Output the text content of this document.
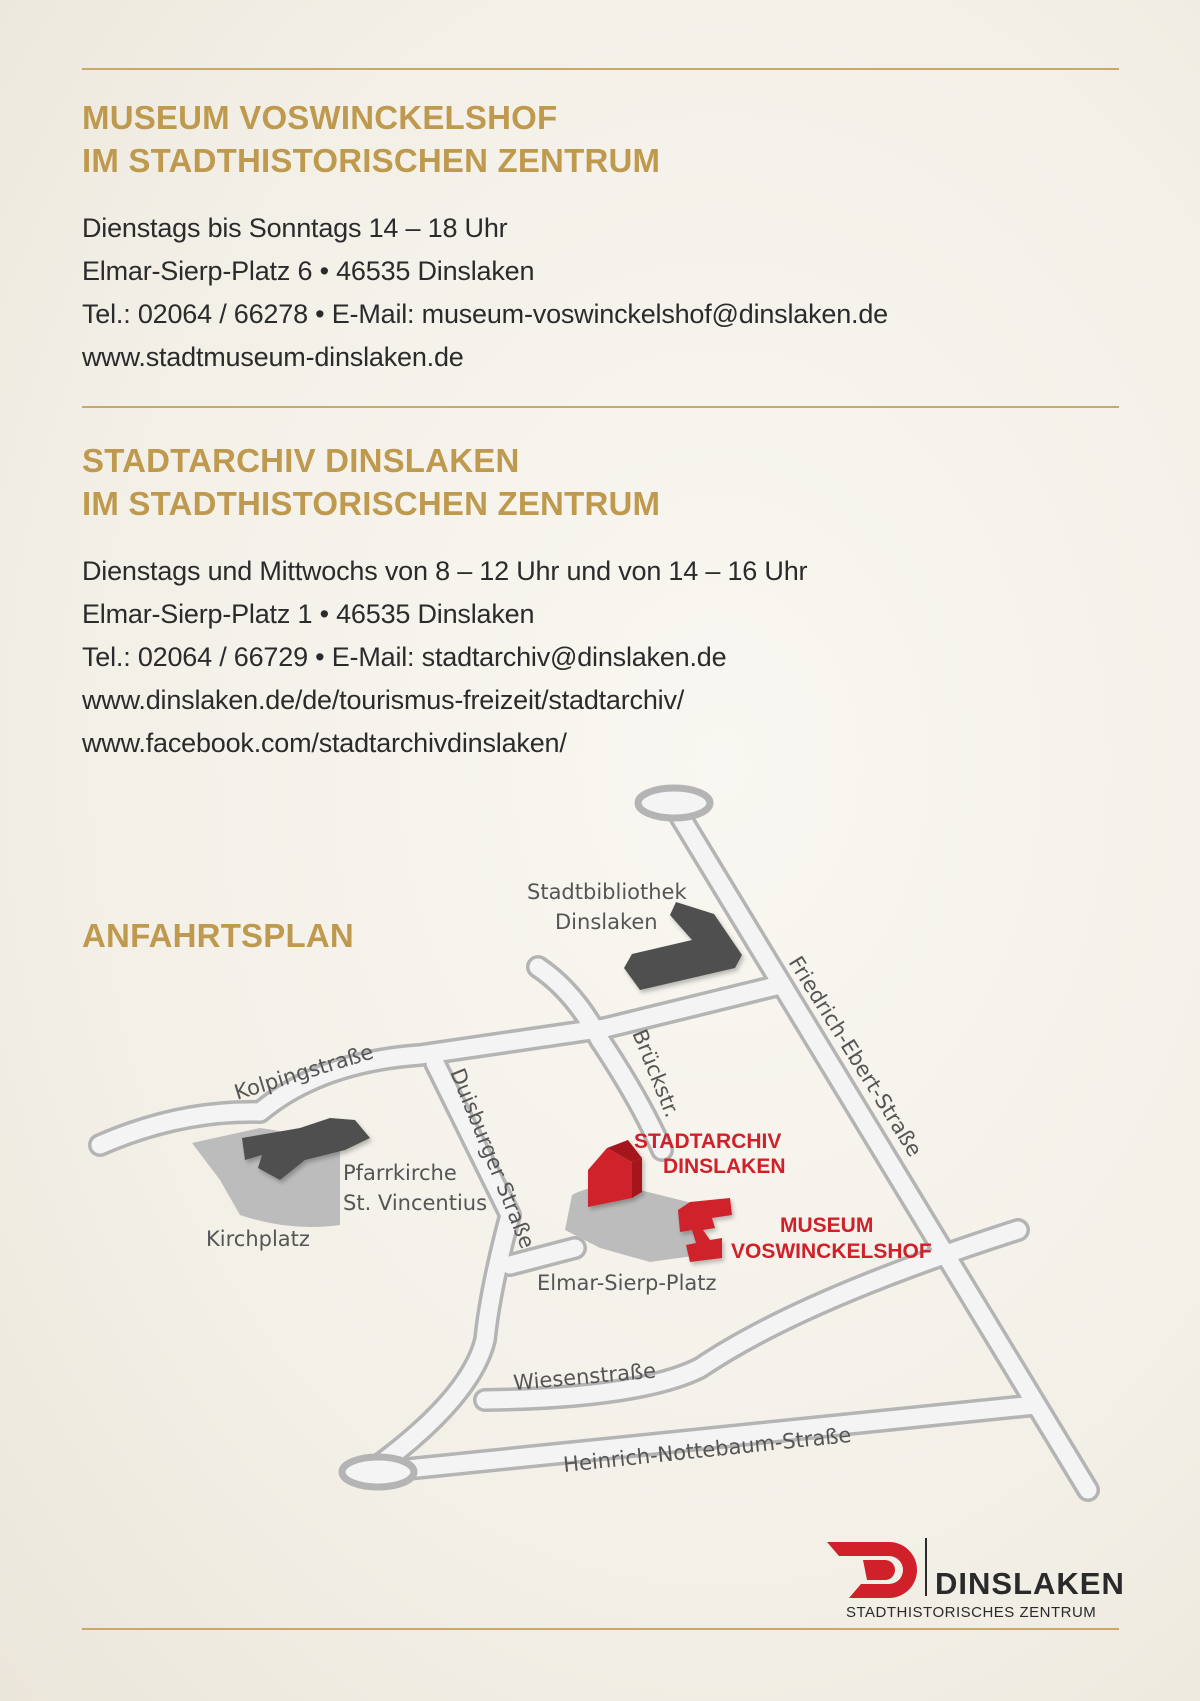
MUSEUM VOSWINCKELSHOF
IM STADTHISTORISCHEN ZENTRUM
Dienstags bis Sonntags 14 – 18 Uhr
Elmar-Sierp-Platz 6 • 46535 Dinslaken
Tel.: 02064 / 66278 • E-Mail: museum-voswinckelshof@dinslaken.de
www.stadtmuseum-dinslaken.de
STADTARCHIV DINSLAKEN
IM STADTHISTORISCHEN ZENTRUM
Dienstags und Mittwochs von 8 – 12 Uhr und von 14 – 16 Uhr
Elmar-Sierp-Platz 1 • 46535 Dinslaken
Tel.: 02064 / 66729 • E-Mail: stadtarchiv@dinslaken.de
www.dinslaken.de/de/tourismus-freizeit/stadtarchiv/
www.facebook.com/stadtarchivdinslaken/
ANFAHRTSPLAN
Stadtbibliothek
Dinslaken
Friedrich-Ebert-Straße
Kolpingstraße	Brückstr.
Duisburger Straße
Pfarrkirche
St. Vincentius
Kirchplatz
STADTARCHIV
DINSLAKEN
MUSEUM
VOSWINCKELSHOF
Elmar-Sierp-Platz
Wiesenstraße
Heinrich-Nottebaum-Straße
DINSLAKEN
STADTHISTORISCHES ZENTRUM
